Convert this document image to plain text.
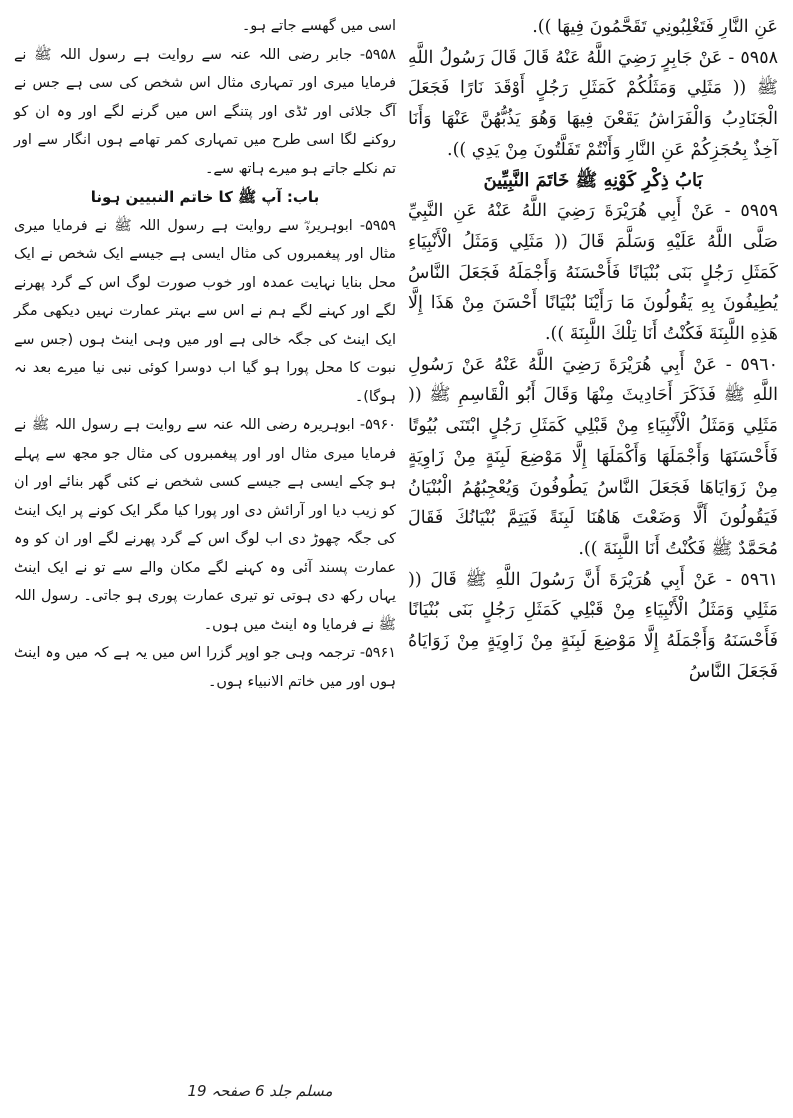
عَنِ النَّارِ فَتَغْلِبُونِي تَقَحَّمُونَ فِيهَا )).

٥٩٥٨ - عَنْ جَابِرٍ رَضِيَ اللَّهُ عَنْهُ قَالَ قَالَ رَسُولُ اللَّهِ ﷺ (( مَثَلِي وَمَثَلُكُمْ كَمَثَلِ رَجُلٍ أَوْقَدَ نَارًا فَجَعَلَ الْجَنَادِبُ وَالْفَرَاشُ يَقَعْنَ فِيهَا وَهُوَ يَذُبُّهُنَّ عَنْهَا وَأَنَا آخِذٌ بِحُجَزِكُمْ عَنِ النَّارِ وَأَنْتُمْ تَفَلَّتُونَ مِنْ يَدِي )).

بَابُ ذِكْرِ كَوْنِهِ ﷺ خَاتَمَ النَّبِيِّينَ

٥٩٥٩ - عَنْ أَبِي هُرَيْرَةَ رَضِيَ اللَّهُ عَنْهُ عَنِ النَّبِيِّ صَلَّى اللَّهُ عَلَيْهِ وَسَلَّمَ قَالَ (( مَثَلِي وَمَثَلُ الْأَنْبِيَاءِ كَمَثَلِ رَجُلٍ بَنَى بُنْيَانًا فَأَحْسَنَهُ وَأَجْمَلَهُ فَجَعَلَ النَّاسُ يُطِيفُونَ بِهِ يَقُولُونَ مَا رَأَيْنَا بُنْيَانًا أَحْسَنَ مِنْ هَذَا إِلَّا هَذِهِ اللَّبِنَةَ فَكُنْتُ أَنَا تِلْكَ اللَّبِنَةَ )).

٥٩٦٠ - عَنْ أَبِي هُرَيْرَةَ رَضِيَ اللَّهُ عَنْهُ عَنْ رَسُولِ اللَّهِ ﷺ فَذَكَرَ أَحَادِيثَ مِنْهَا وَقَالَ أَبُو الْقَاسِمِ ﷺ (( مَثَلِي وَمَثَلُ الْأَنْبِيَاءِ مِنْ قَبْلِي كَمَثَلِ رَجُلٍ ابْتَنَى بُيُوتًا فَأَحْسَنَهَا وَأَجْمَلَهَا وَأَكْمَلَهَا إِلَّا مَوْضِعَ لَبِنَةٍ مِنْ زَاوِيَةٍ مِنْ زَوَايَاهَا فَجَعَلَ النَّاسُ يَطُوفُونَ وَيُعْجِبُهُمُ الْبُنْيَانُ فَيَقُولُونَ أَلَّا وَضَعْتَ هَاهُنَا لَبِنَةً فَيَتِمَّ بُنْيَانُكَ فَقَالَ مُحَمَّدٌ ﷺ فَكُنْتُ أَنَا اللَّبِنَةَ )).

٥٩٦١ - عَنْ أَبِي هُرَيْرَةَ أَنَّ رَسُولَ اللَّهِ ﷺ قَالَ (( مَثَلِي وَمَثَلُ الْأَنْبِيَاءِ مِنْ قَبْلِي كَمَثَلِ رَجُلٍ بَنَى بُنْيَانًا فَأَحْسَنَهُ وَأَجْمَلَهُ إِلَّا مَوْضِعَ لَبِنَةٍ مِنْ زَاوِيَةٍ مِنْ زَوَايَاهُ فَجَعَلَ النَّاسُ

اسی میں گھسے جاتے ہو۔

۵۹۵۸- جابر رضی اللہ عنہ سے روایت ہے رسول اللہ ﷺ نے فرمایا میری اور تمہاری مثال اس شخص کی سی ہے جس نے آگ جلائی اور ٹڈی اور پتنگے اس میں گرنے لگے اور وہ ان کو روکنے لگا اسی طرح میں تمہاری کمر تھامے ہوں انگار سے اور تم نکلے جاتے ہو میرے ہاتھ سے۔

باب: آپ ﷺ کا خاتم النبیین ہونا

۵۹۵۹- ابوہریرہؓ سے روایت ہے رسول اللہ ﷺ نے فرمایا میری مثال اور پیغمبروں کی مثال ایسی ہے جیسے ایک شخص نے ایک محل بنایا نہایت عمدہ اور خوب صورت لوگ اس کے گرد پھرنے لگے اور کہنے لگے ہم نے اس سے بہتر عمارت نہیں دیکھی مگر ایک اینٹ کی جگہ خالی ہے اور میں وہی اینٹ ہوں (جس سے نبوت کا محل پورا ہو گیا اب دوسرا کوئی نبی نیا میرے بعد نہ ہوگا)۔

۵۹۶۰- ابوہریرہ رضی اللہ عنہ سے روایت ہے رسول اللہ ﷺ نے فرمایا میری مثال اور اور پیغمبروں کی مثال جو مجھ سے پہلے ہو چکے ایسی ہے جیسے کسی شخص نے کئی گھر بنائے اور ان کو زیب دیا اور آرائش دی اور پورا کیا مگر ایک کونے پر ایک اینٹ کی جگہ چھوڑ دی اب لوگ اس کے گرد پھرنے لگے اور ان کو وہ عمارت پسند آئی وہ کہنے لگے مکان والے سے تو نے ایک اینٹ یہاں رکھ دی ہوتی تو تیری عمارت پوری ہو جاتی۔ رسول اللہ ﷺ نے فرمایا وہ اینٹ میں ہوں۔

۵۹۶۱- ترجمہ وہی جو اوپر گزرا اس میں یہ ہے کہ میں وہ اینٹ ہوں اور میں خاتم الانبیاء ہوں۔

مسلم جلد 6 صفحہ 19
